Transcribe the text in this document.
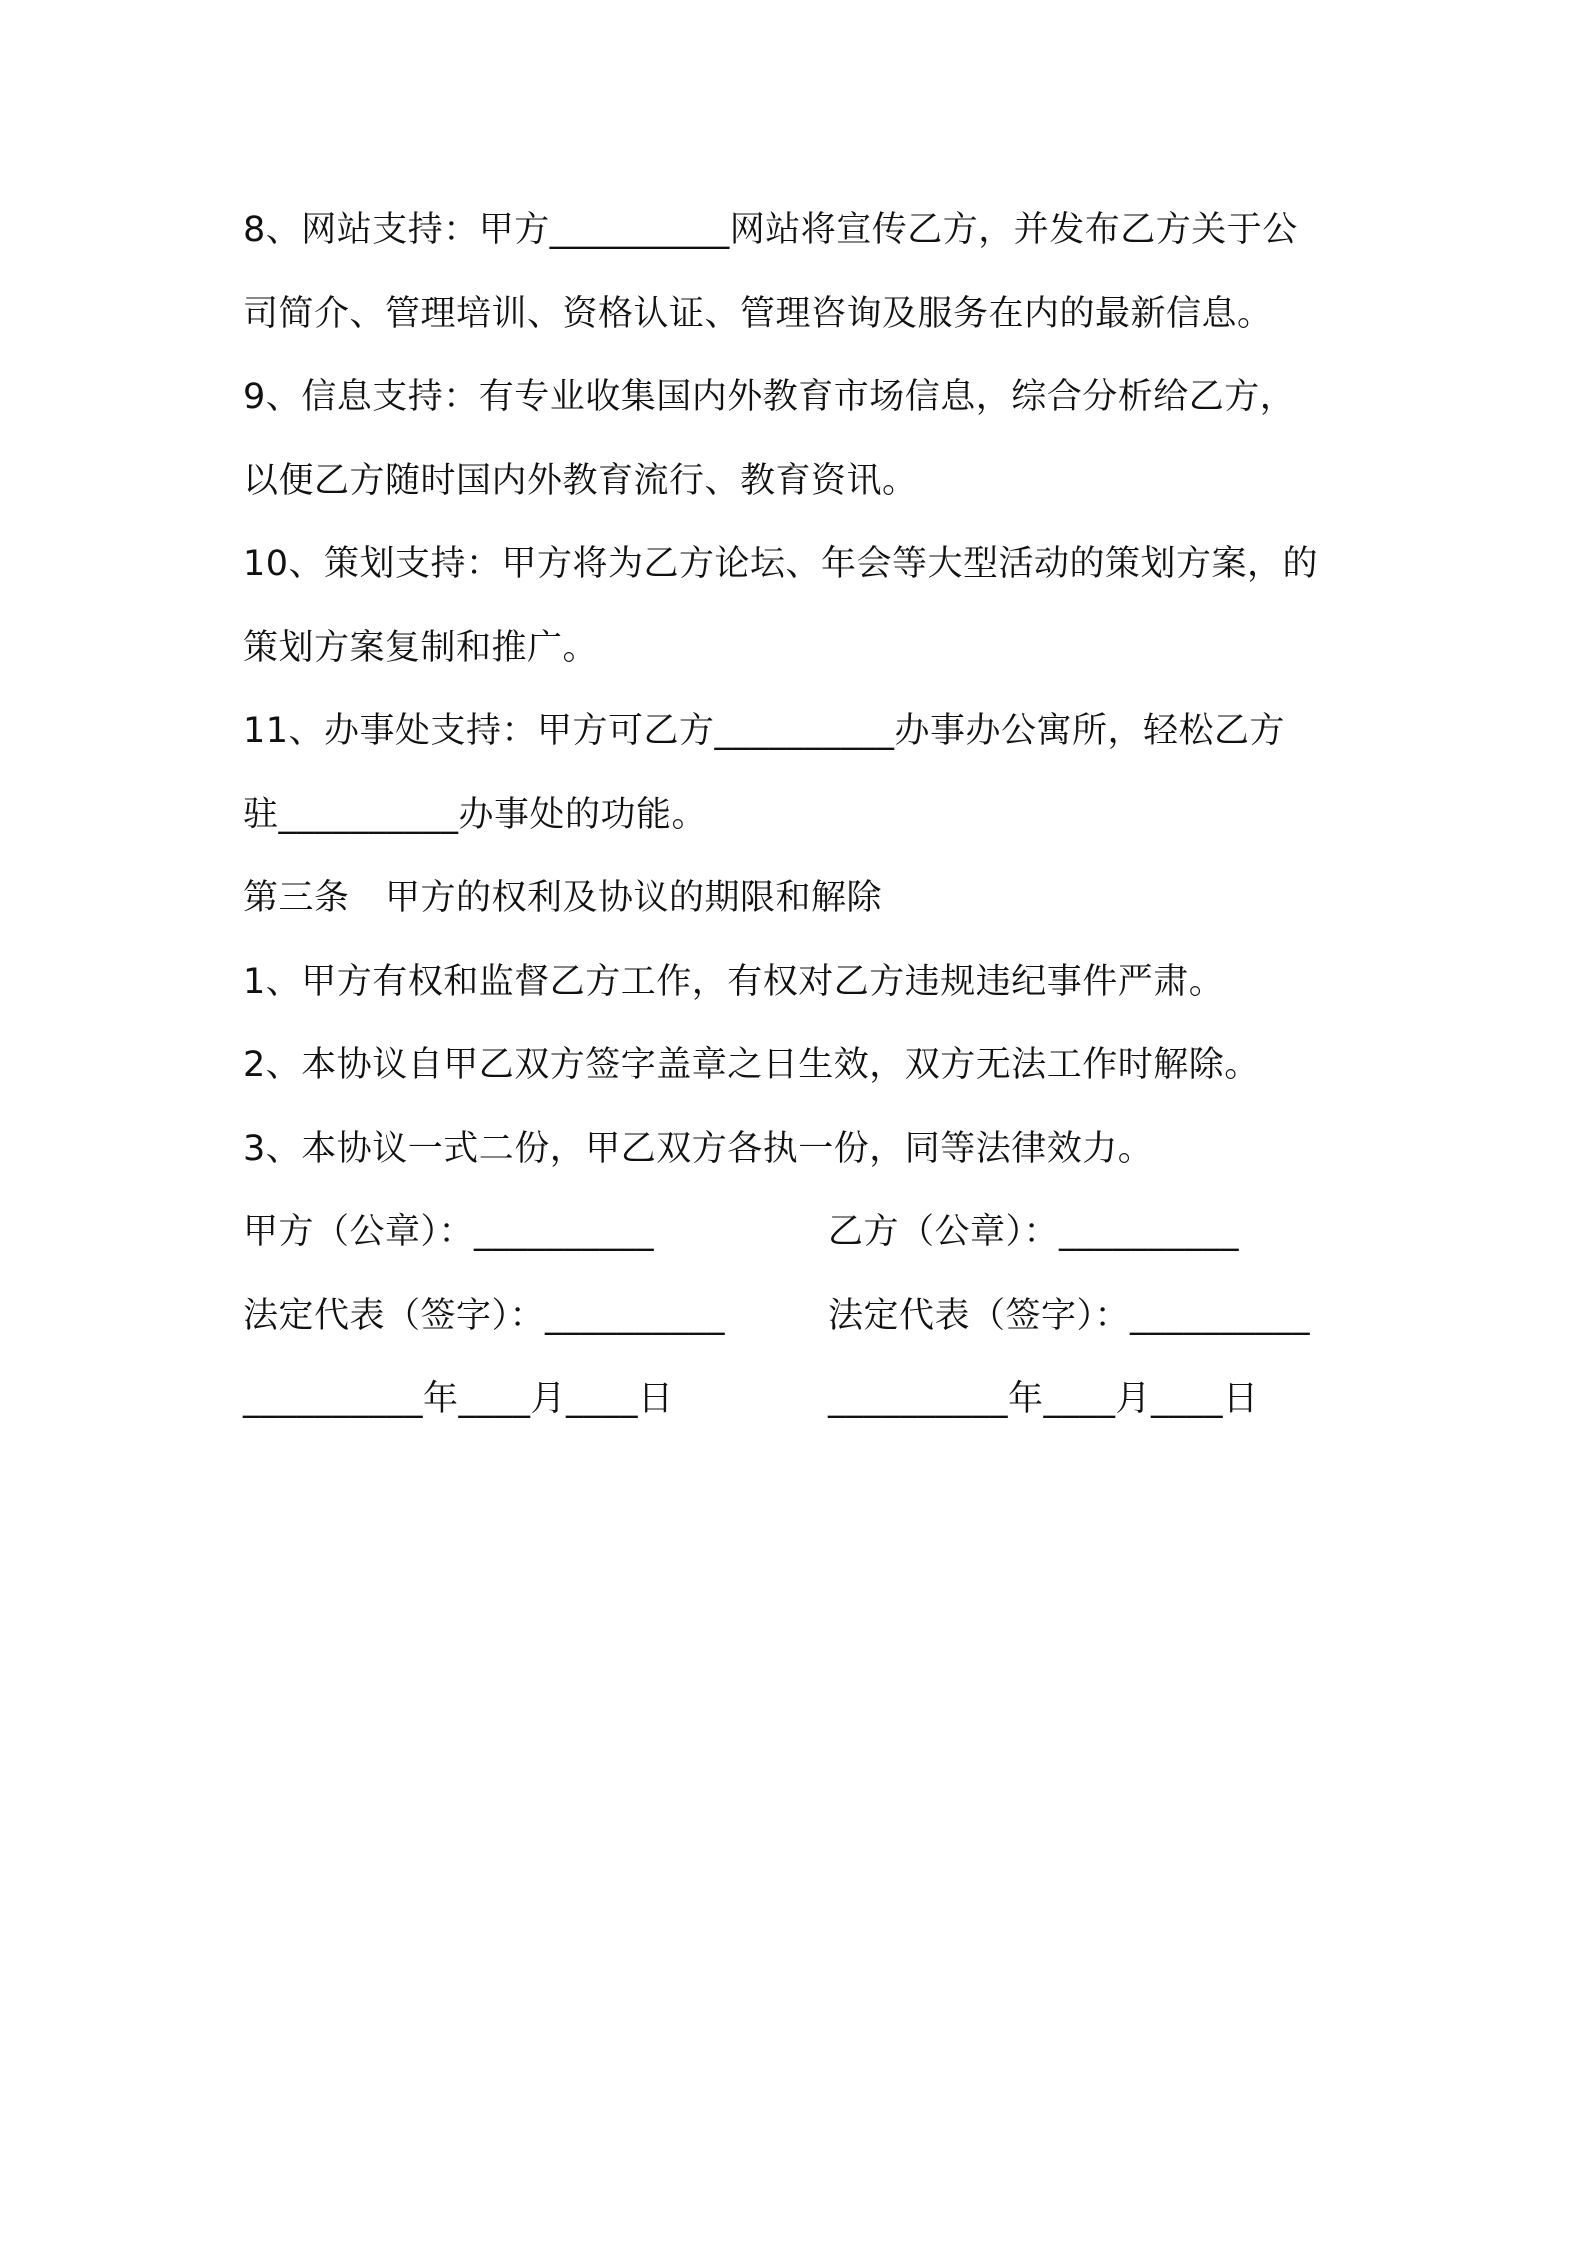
8、网站支持：甲方__________网站将宣传乙方，并发布乙方关于公
司简介、管理培训、资格认证、管理咨询及服务在内的最新信息。
9、信息支持：有专业收集国内外教育市场信息，综合分析给乙方，
以便乙方随时国内外教育流行、教育资讯。
10、策划支持：甲方将为乙方论坛、年会等大型活动的策划方案，的
策划方案复制和推广。
11、办事处支持：甲方可乙方__________办事办公寓所，轻松乙方
驻__________办事处的功能。
第三条　甲方的权利及协议的期限和解除
1、甲方有权和监督乙方工作，有权对乙方违规违纪事件严肃。
2、本协议自甲乙双方签字盖章之日生效，双方无法工作时解除。
3、本协议一式二份，甲乙双方各执一份，同等法律效力。
甲方（公章）：__________	乙方（公章）：__________
法定代表（签字）：__________	法定代表（签字）：__________
__________年____月____日	__________年____月____日
